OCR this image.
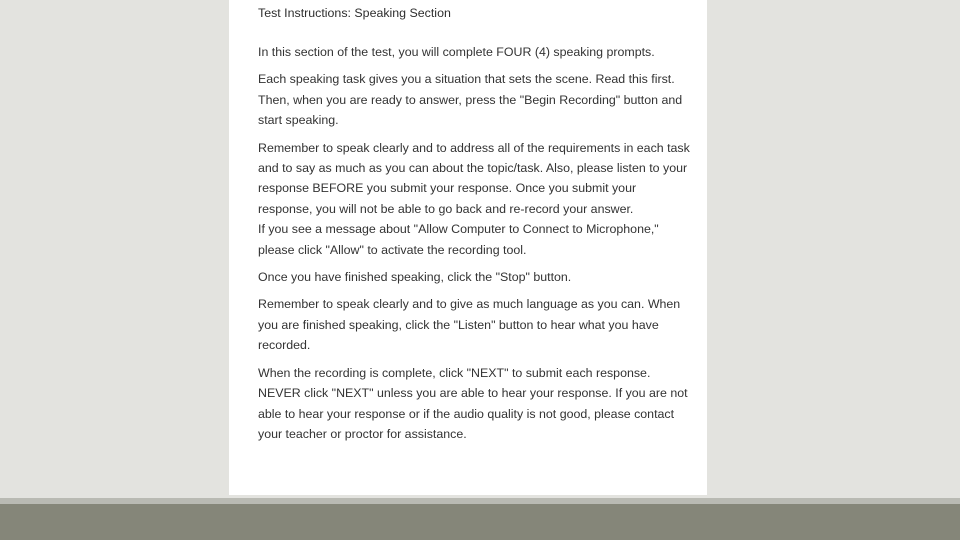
Test Instructions: Speaking Section

In this section of the test, you will complete FOUR (4) speaking prompts.

Each speaking task gives you a situation that sets the scene. Read this first. Then, when you are ready to answer, press the "Begin Recording" button and start speaking.

Remember to speak clearly and to address all of the requirements in each task and to say as much as you can about the topic/task. Also, please listen to your response BEFORE you submit your response. Once you submit your response, you will not be able to go back and re-record your answer.

If you see a message about "Allow Computer to Connect to Microphone," please click "Allow" to activate the recording tool.

Once you have finished speaking, click the "Stop" button.

Remember to speak clearly and to give as much language as you can. When you are finished speaking, click the "Listen" button to hear what you have recorded.

When the recording is complete, click "NEXT" to submit each response. NEVER click "NEXT" unless you are able to hear your response. If you are not able to hear your response or if the audio quality is not good, please contact your teacher or proctor for assistance.
